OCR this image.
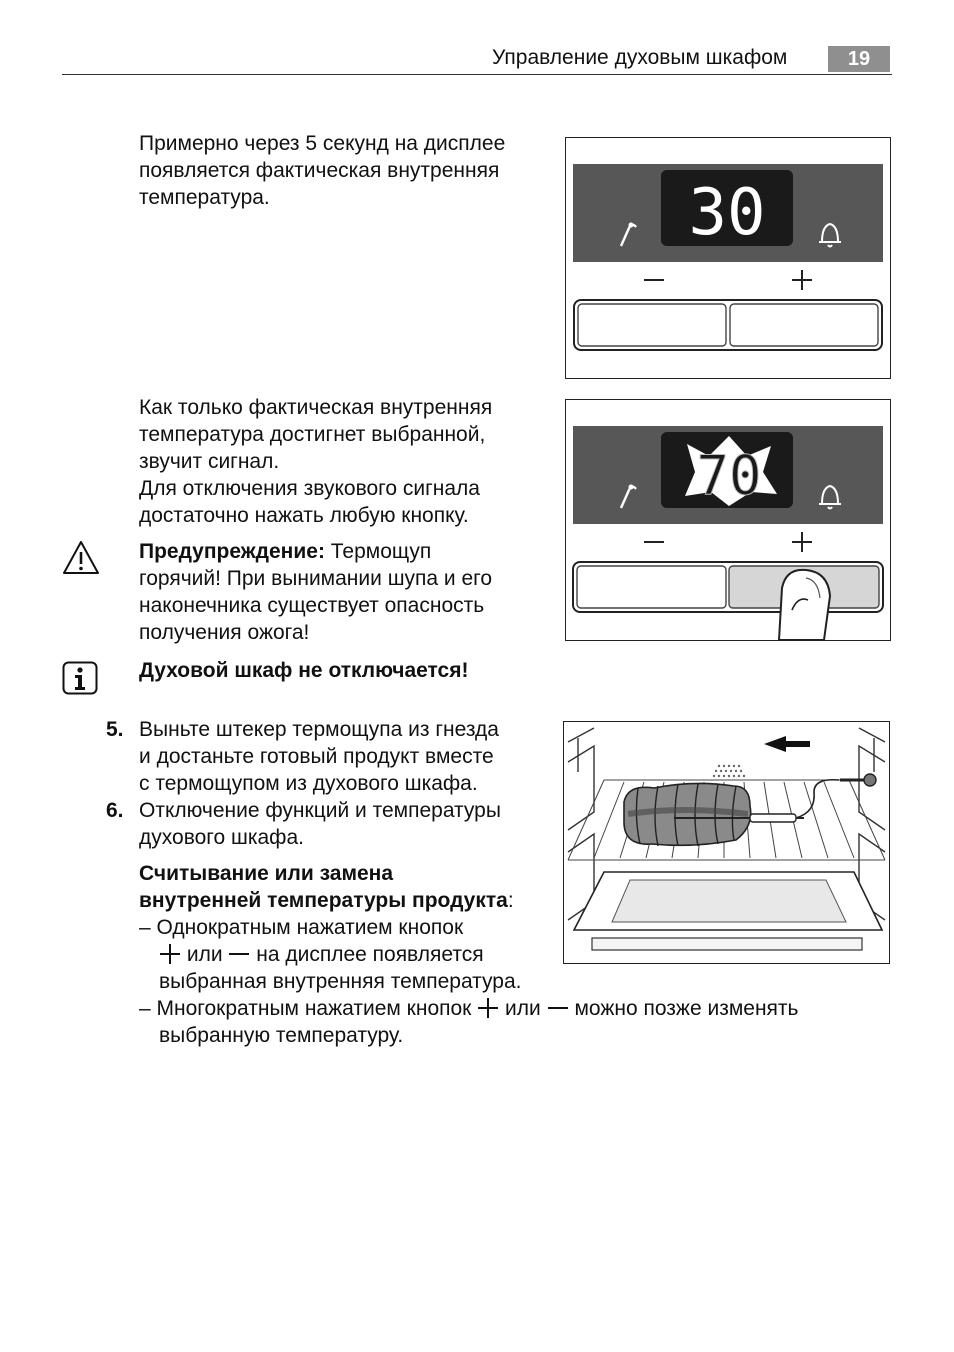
Управление духовым шкафом	19

Примерно через 5 секунд на дисплее

появляется фактическая внутренняя

температура.	30

Как только фактическая внутренняя

температура достигнет выбранной,

звучит сигнал.

Для отключения звукового сигнала

достаточно нажать любую кнопку.

70

Предупреждение: Термощуп

горячий! При вынимании шупа и его

наконечника существует опасность

получения ожога!

Духовой шкаф не отключается!

5. Выньте штекер термощупа из гнезда

и достаньте готовый продукт вместе

с термощупом из духового шкафа.

6. Отключение функций и температуры

духового шкафа.

Считывание или замена

внутренней температуры продукта:

– Однократным нажатием кнопок

или  на дисплее появляется

выбранная внутренняя температура.

– Многократным нажатием кнопок  или  можно позже изменять

выбранную температуру.
